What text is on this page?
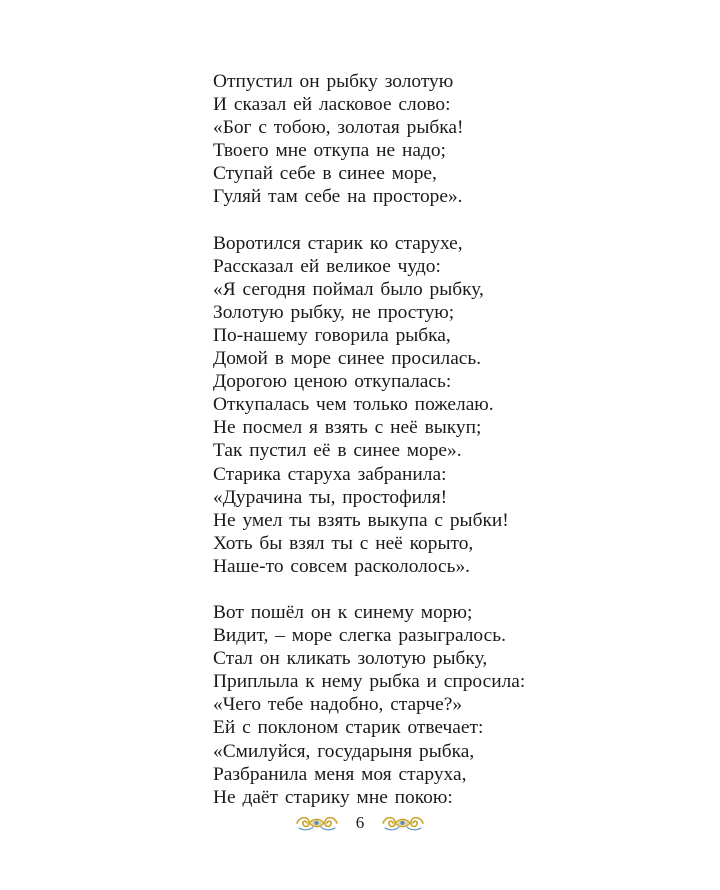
Отпустил он рыбку золотую
И сказал ей ласковое слово:
«Бог с тобою, золотая рыбка!
Твоего мне откупа не надо;
Ступай себе в синее море,
Гуляй там себе на просторе».
Воротился старик ко старухе,
Рассказал ей великое чудо:
«Я сегодня поймал было рыбку,
Золотую рыбку, не простую;
По-нашему говорила рыбка,
Домой в море синее просилась.
Дорогою ценою откупалась:
Откупалась чем только пожелаю.
Не посмел я взять с неё выкуп;
Так пустил её в синее море».
Старика старуха забранила:
«Дурачина ты, простофиля!
Не умел ты взять выкупа с рыбки!
Хоть бы взял ты с неё корыто,
Наше-то совсем раскололось».
Вот пошёл он к синему морю;
Видит, – море слегка разыгралось.
Стал он кликать золотую рыбку,
Приплыла к нему рыбка и спросила:
«Чего тебе надобно, старче?»
Ей с поклоном старик отвечает:
«Смилуйся, государыня рыбка,
Разбранила меня моя старуха,
Не даёт старику мне покою:
6
